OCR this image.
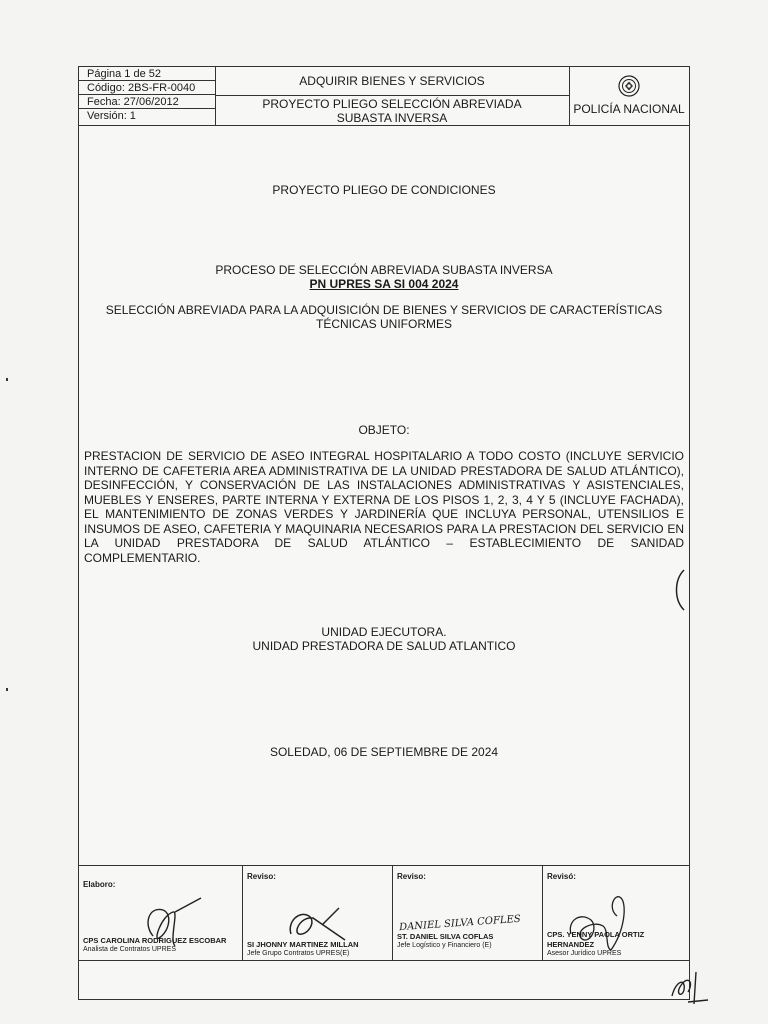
Página 1 de 52
Código: 2BS-FR-0040
Fecha: 27/06/2012
Versión: 1
ADQUIRIR BIENES Y SERVICIOS
PROYECTO PLIEGO SELECCIÓN ABREVIADA
SUBASTA INVERSA
POLICÍA NACIONAL
PROYECTO PLIEGO DE CONDICIONES
PROCESO DE SELECCIÓN ABREVIADA SUBASTA INVERSA
PN UPRES SA SI 004 2024
SELECCIÓN ABREVIADA PARA LA ADQUISICIÓN DE BIENES Y SERVICIOS DE CARACTERÍSTICAS
TÉCNICAS UNIFORMES
OBJETO:
PRESTACION DE SERVICIO DE ASEO INTEGRAL HOSPITALARIO A TODO COSTO (INCLUYE SERVICIO INTERNO DE CAFETERIA AREA ADMINISTRATIVA DE LA UNIDAD PRESTADORA DE SALUD ATLÁNTICO), DESINFECCIÓN, Y CONSERVACIÓN DE LAS INSTALACIONES ADMINISTRATIVAS Y ASISTENCIALES, MUEBLES Y ENSERES, PARTE INTERNA Y EXTERNA DE LOS PISOS 1, 2, 3, 4 Y 5 (INCLUYE FACHADA), EL MANTENIMIENTO DE ZONAS VERDES Y JARDINERÍA QUE INCLUYA PERSONAL, UTENSILIOS E INSUMOS DE ASEO, CAFETERIA Y MAQUINARIA NECESARIOS PARA LA PRESTACION DEL SERVICIO EN LA UNIDAD PRESTADORA DE SALUD ATLÁNTICO – ESTABLECIMIENTO DE SANIDAD COMPLEMENTARIO.
UNIDAD EJECUTORA.
UNIDAD PRESTADORA DE SALUD ATLANTICO
SOLEDAD, 06 DE SEPTIEMBRE DE 2024
Elaboro:
CPS CAROLINA RODRIGUEZ ESCOBAR
Analista de Contratos UPRES
Reviso:
SI JHONNY MARTINEZ MILLAN
Jefe Grupo Contratos UPRES(E)
Reviso:
DANIEL SILVA COFLES
ST. DANIEL SILVA COFLAS
Jefe Logístico y Financiero (E)
Revisó:
CPS. YENNY PAOLA ORTIZ
HERNANDEZ
Asesor Jurídico UPRES
